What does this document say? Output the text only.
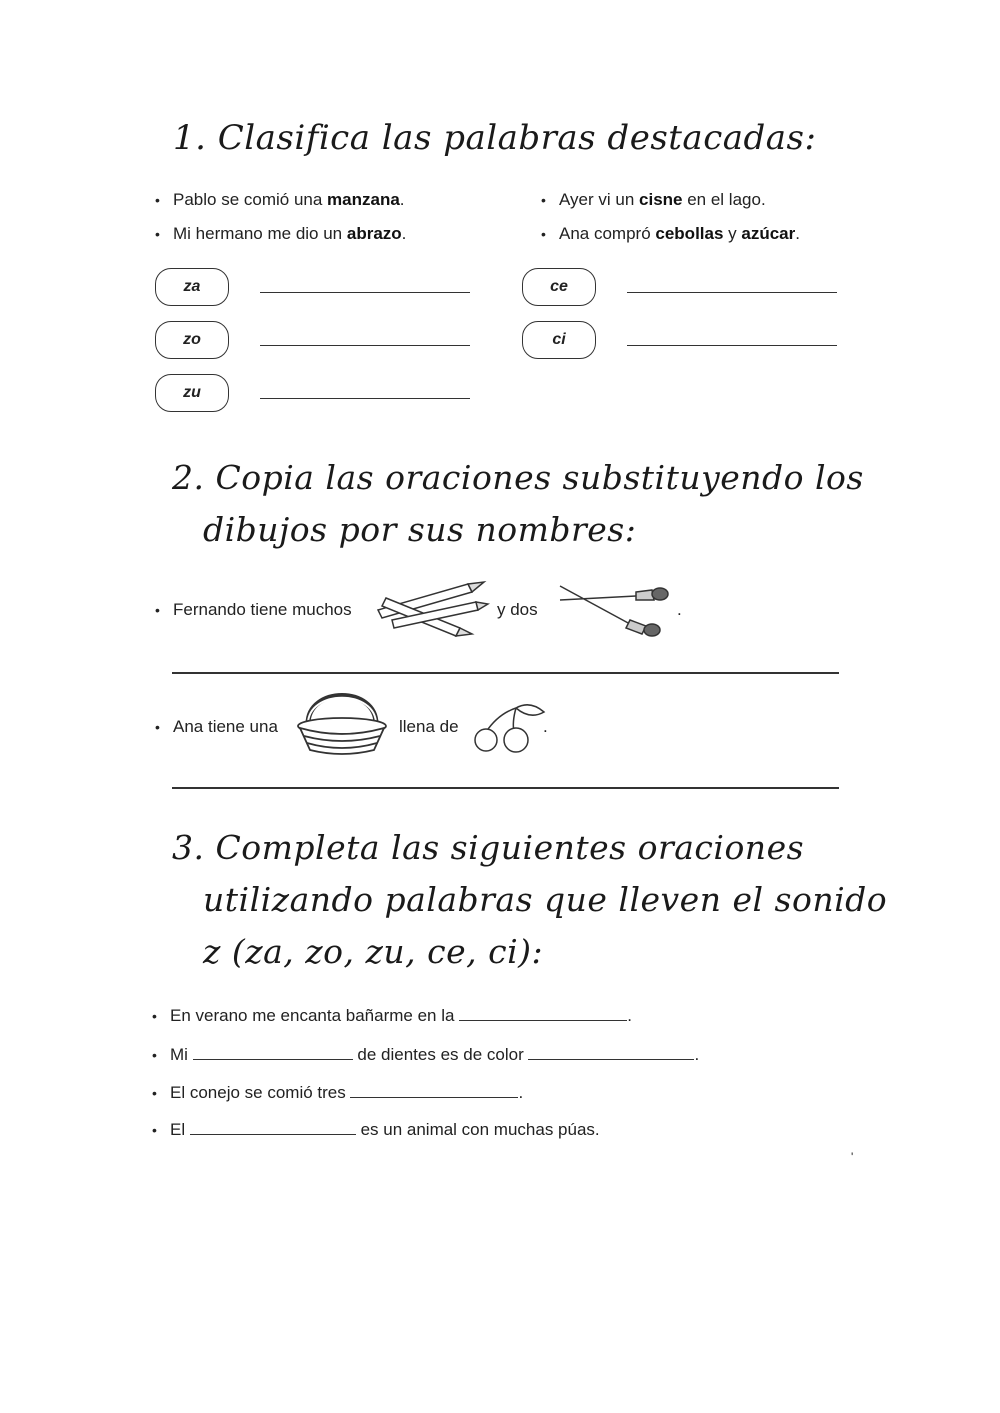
1. Clasifica las palabras destacadas:
• Pablo se comió una manzana.
• Mi hermano me dio un abrazo.
• Ayer vi un cisne en el lago.
• Ana compró cebollas y azúcar.
za
zo
zu
ce
ci
2. Copia las oraciones substituyendo los
dibujos por sus nombres:
• Fernando tiene muchos	y dos	.
• Ana tiene una	llena de	.
3. Completa las siguientes oraciones
utilizando palabras que lleven el sonido
z (za, zo, zu, ce, ci):
• En verano me encanta bañarme en la	.
• Mi	de dientes es de color	.
• El conejo se comió tres	.
• El	es un animal con muchas púas.
'
